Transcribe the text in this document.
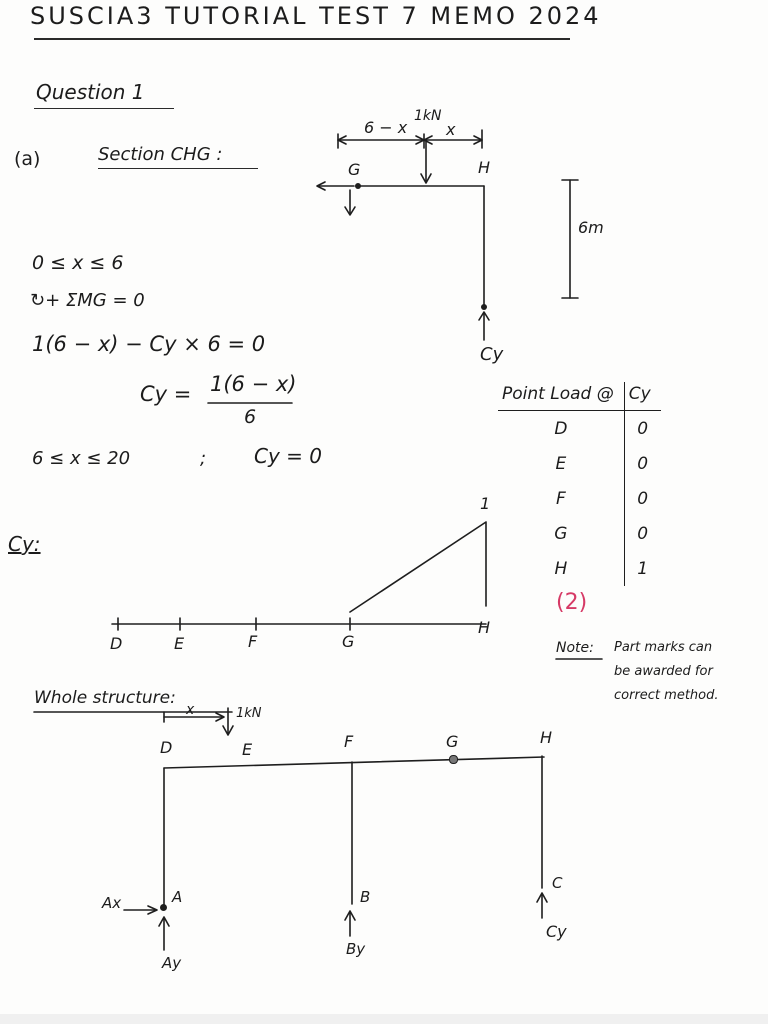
SUSCIA3 TUTORIAL TEST 7 MEMO 2024
Question 1
(a)	Section CHG :
6 − x x
1kN
G	H
6m
Cy
0 ≤ x ≤ 6
↻+ ΣMG = 0
1(6 − x) − Cy × 6 = 0
Cy = 1(6 − x)
6
6 ≤ x ≤ 20	; Cy = 0
Point Load @	Cy
D	0
E	0
F	0
G	0
H	1
Cy:
1
D	E	F	G
H
(2)
Note: Part marks can
be awarded for
correct method.
Whole structure:
x	1kN
D	E	F	G	H
A	B
C
Ax
Ay
By
Cy
